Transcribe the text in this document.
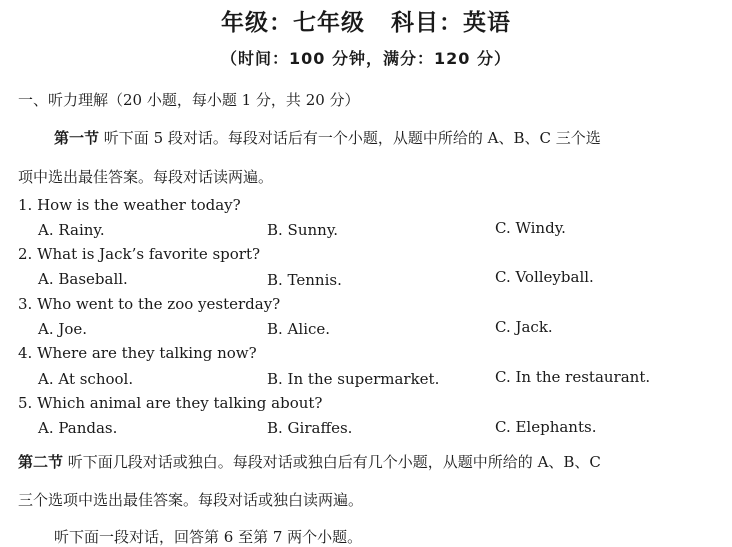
年级：七年级 科目：英语
（时间：100 分钟，满分：120 分）
一、听力理解（20 小题，每小题 1 分，共 20 分）
第一节 听下面 5 段对话。每段对话后有一个小题，从题中所给的 A、B、C 三个选
项中选出最佳答案。每段对话读两遍。
1. How is the weather today?
A. Rainy.	B. Sunny.	C. Windy.
2. What is Jack’s favorite sport?
A. Baseball.	B. Tennis.	C. Volleyball.
3. Who went to the zoo yesterday?
A. Joe.	B. Alice.	C. Jack.
4. Where are they talking now?
A. At school.	B. In the supermarket.	C. In the restaurant.
5. Which animal are they talking about?
A. Pandas.	B. Giraffes.	C. Elephants.
第二节 听下面几段对话或独白。每段对话或独白后有几个小题，从题中所给的 A、B、C
三个选项中选出最佳答案。每段对话或独白读两遍。
听下面一段对话，回答第 6 至第 7 两个小题。
